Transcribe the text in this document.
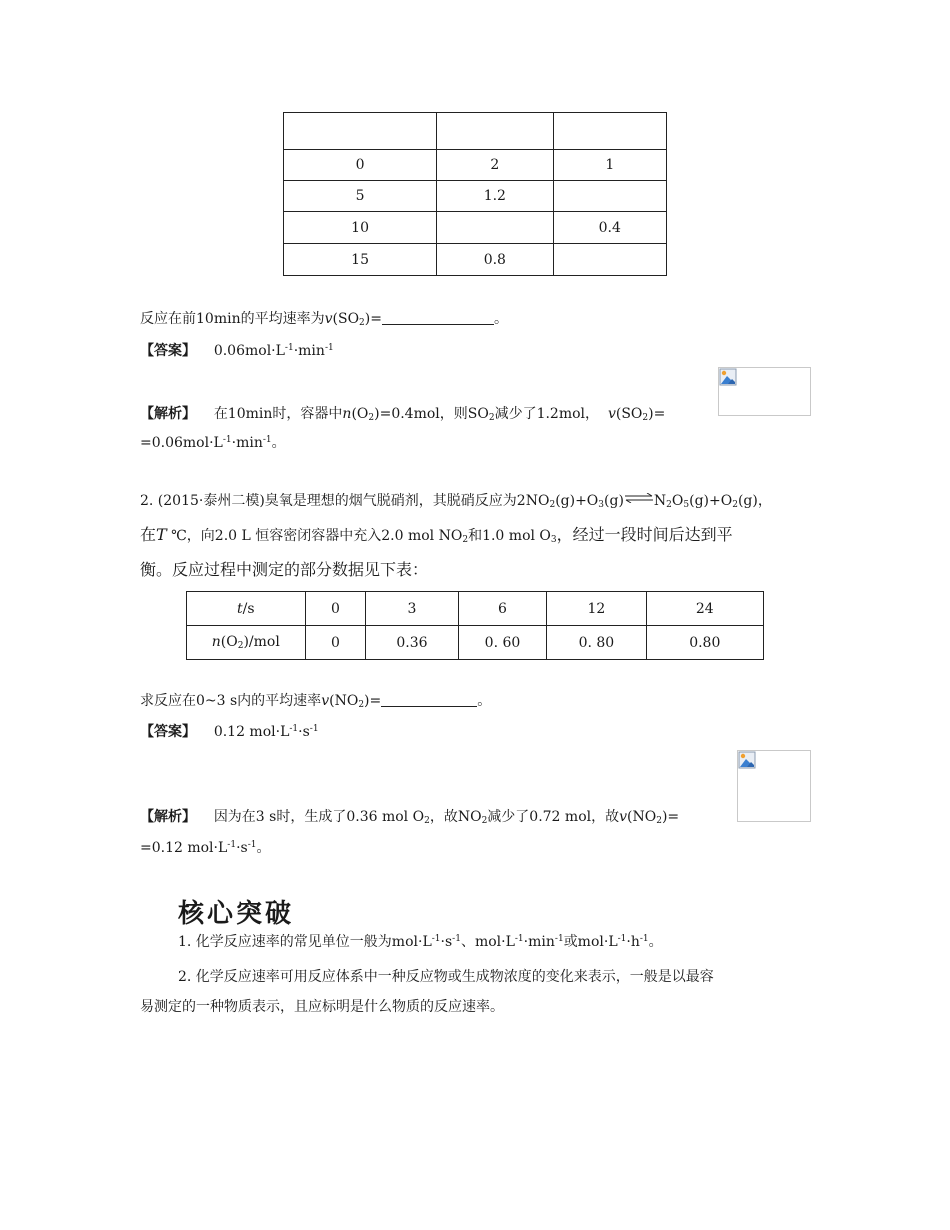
0	2	1
5	1.2	
10		0.4
15	0.8	
反应在前10min的平均速率为$v(SO_2)=$	。
【答案】 $0.06mol\cdot L^{-1}\cdot\min^{-1}$
【解析】 在10min时，容器中$n(O_2)=0.4mol$，则$SO_2$减少了1.2mol， $v(SO_2)=$
$=0.06mol\cdot L^{-1}\cdot\min^{-1}$。
2. (2015·泰州二模)臭氧是理想的烟气脱硝剂，其脱硝反应为$2NO_2(g)+O_3(g)\rightleftharpoons N_2O_5(g)+O_2(g)$，
在T ℃，向2.0 L 恒容密闭容器中充入2.0 mol $NO_2$和1.0 mol $O_3$，经过一段时间后达到平
衡。反应过程中测定的部分数据见下表：
t/s	0	3	6	12	24
$n(O_2)$/mol	0	0.36	0. 60	0. 80	0.80
求反应在0~3 s内的平均速率$v(NO_2)=$	。
【答案】 0.12 $mol\cdot L^{-1}\cdot s^{-1}$
【解析】 因为在3 s时，生成了0.36 mol $O_2$，故$NO_2$减少了0.72 mol，故$v(NO_2)=$
=0.12 $mol\cdot L^{-1}\cdot s^{-1}$。
核心突破
1. 化学反应速率的常见单位一般为$mol\cdot L^{-1}\cdot s^{-1}$、$mol\cdot L^{-1}\cdot\min^{-1}$或$mol\cdot L^{-1}\cdot h^{-1}$。
2. 化学反应速率可用反应体系中一种反应物或生成物浓度的变化来表示，一般是以最容
易测定的一种物质表示，且应标明是什么物质的反应速率。
